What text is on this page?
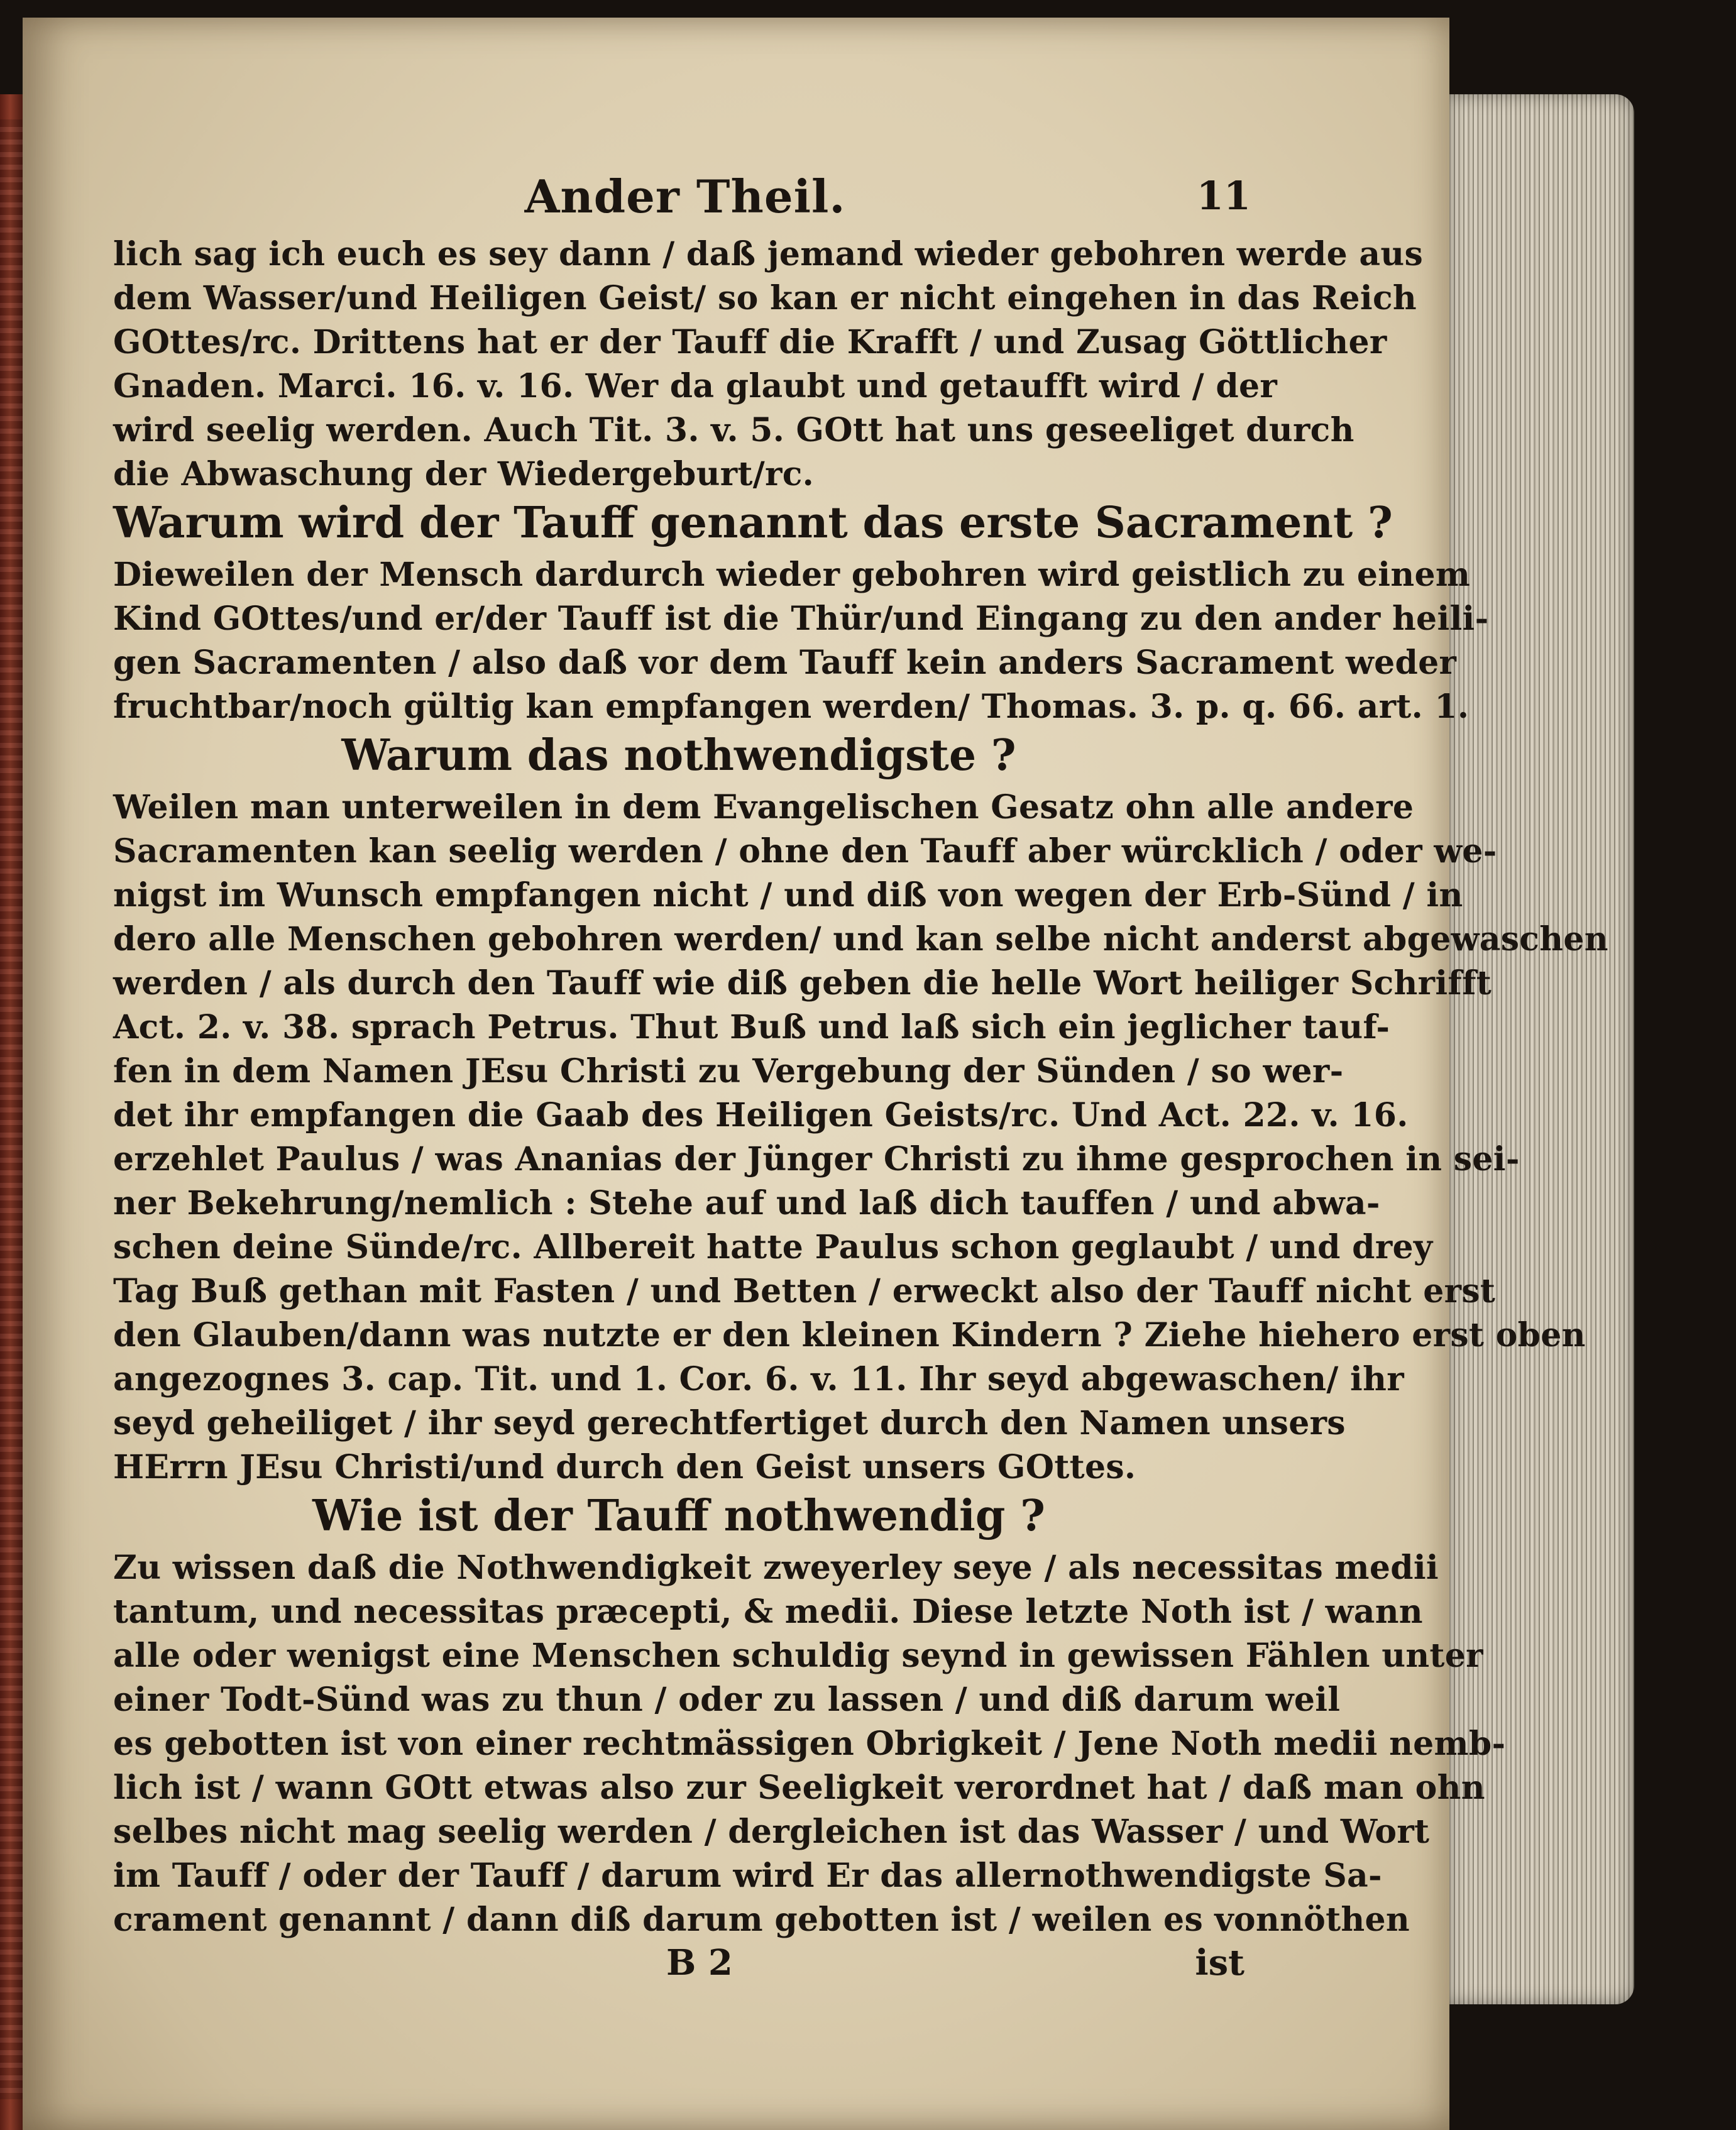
Ander Theil.	11
lich sag ich euch es sey dann / daß jemand wieder gebohren werde aus
dem Wasser/und Heiligen Geist/ so kan er nicht eingehen in das Reich
GOttes/rc. Drittens hat er der Tauff die Krafft / und Zusag Göttlicher
Gnaden. Marci. 16. v. 16. Wer da glaubt und getaufft wird / der
wird seelig werden. Auch Tit. 3. v. 5. GOtt hat uns geseeliget durch
die Abwaschung der Wiedergeburt/rc.
Warum wird der Tauff genannt das erste Sacrament ?
Dieweilen der Mensch dardurch wieder gebohren wird geistlich zu einem
Kind GOttes/und er/der Tauff ist die Thür/und Eingang zu den ander heili-
gen Sacramenten / also daß vor dem Tauff kein anders Sacrament weder
fruchtbar/noch gültig kan empfangen werden/ Thomas. 3. p. q. 66. art. 1.
Warum das nothwendigste ?
Weilen man unterweilen in dem Evangelischen Gesatz ohn alle andere
Sacramenten kan seelig werden / ohne den Tauff aber würcklich / oder we-
nigst im Wunsch empfangen nicht / und diß von wegen der Erb-Sünd / in
dero alle Menschen gebohren werden/ und kan selbe nicht anderst abgewaschen
werden / als durch den Tauff wie diß geben die helle Wort heiliger Schrifft
Act. 2. v. 38. sprach Petrus. Thut Buß und laß sich ein jeglicher tauf-
fen in dem Namen JEsu Christi zu Vergebung der Sünden / so wer-
det ihr empfangen die Gaab des Heiligen Geists/rc. Und Act. 22. v. 16.
erzehlet Paulus / was Ananias der Jünger Christi zu ihme gesprochen in sei-
ner Bekehrung/nemlich : Stehe auf und laß dich tauffen / und abwa-
schen deine Sünde/rc. Allbereit hatte Paulus schon geglaubt / und drey
Tag Buß gethan mit Fasten / und Betten / erweckt also der Tauff nicht erst
den Glauben/dann was nutzte er den kleinen Kindern ? Ziehe hiehero erst oben
angezognes 3. cap. Tit. und 1. Cor. 6. v. 11. Ihr seyd abgewaschen/ ihr
seyd geheiliget / ihr seyd gerechtfertiget durch den Namen unsers
HErrn JEsu Christi/und durch den Geist unsers GOttes.
Wie ist der Tauff nothwendig ?
Zu wissen daß die Nothwendigkeit zweyerley seye / als necessitas medii
tantum, und necessitas præcepti, & medii. Diese letzte Noth ist / wann
alle oder wenigst eine Menschen schuldig seynd in gewissen Fählen unter
einer Todt-Sünd was zu thun / oder zu lassen / und diß darum weil
es gebotten ist von einer rechtmässigen Obrigkeit / Jene Noth medii nemb-
lich ist / wann GOtt etwas also zur Seeligkeit verordnet hat / daß man ohn
selbes nicht mag seelig werden / dergleichen ist das Wasser / und Wort
im Tauff / oder der Tauff / darum wird Er das allernothwendigste Sa-
crament genannt / dann diß darum gebotten ist / weilen es vonnöthen
B 2	ist
